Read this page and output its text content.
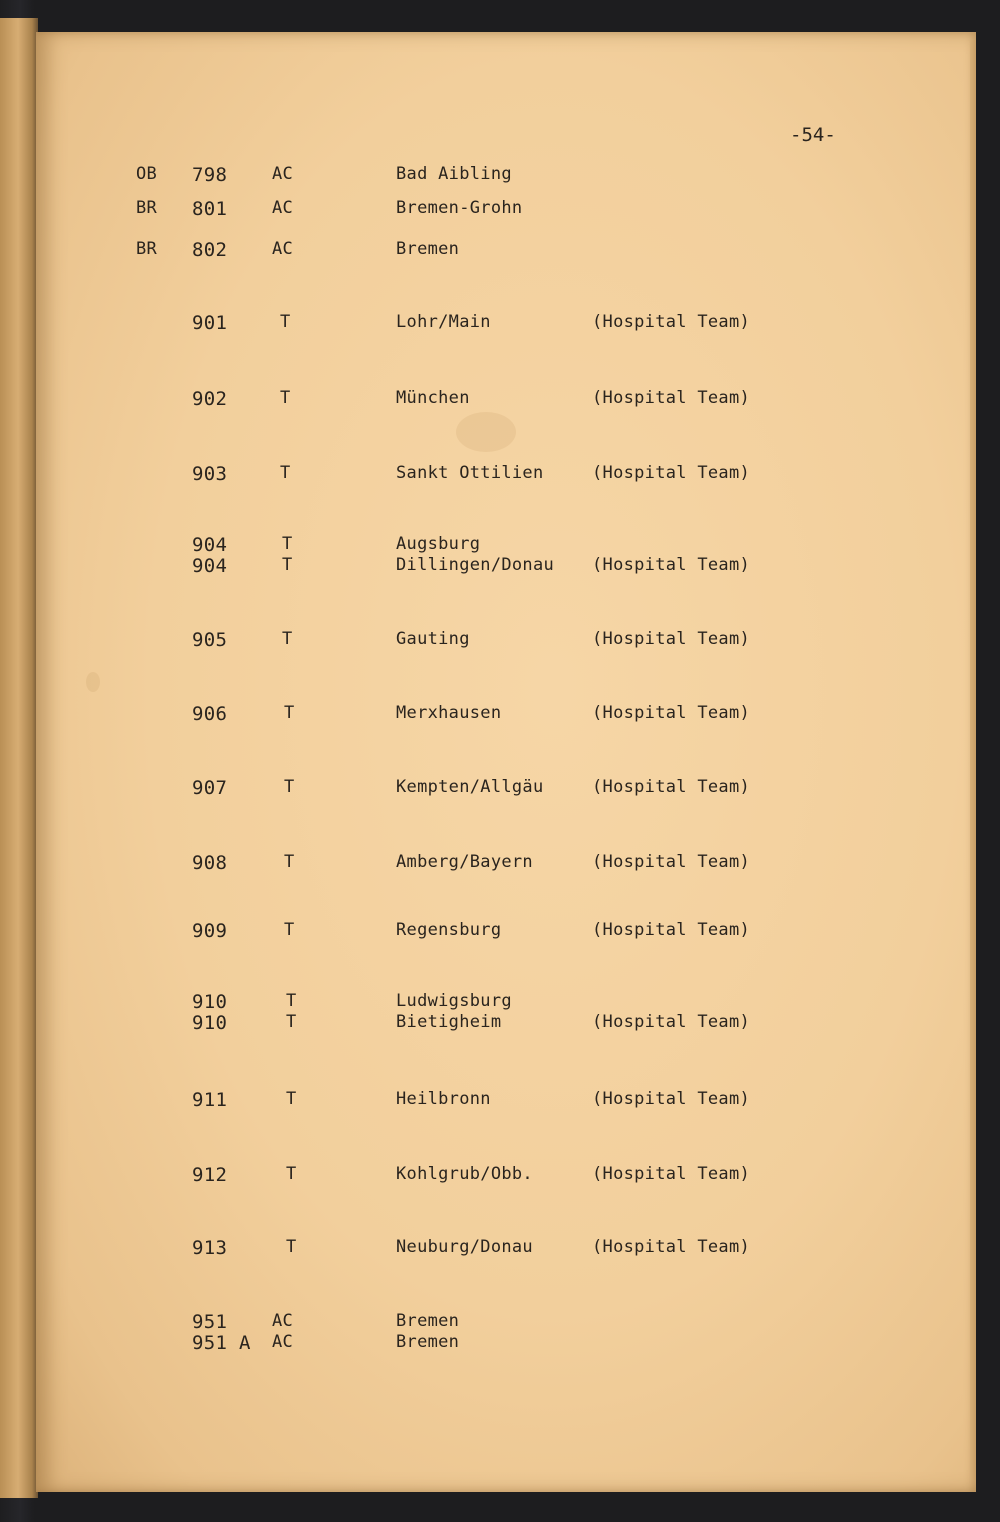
-54-
OB 798	AC	Bad Aibling
BR 801	AC	Bremen-Grohn
BR 802	AC	Bremen
901	T	Lohr/Main	(Hospital Team)
902	T	München	(Hospital Team)
903	T	Sankt Ottilien	(Hospital Team)
904	T	Augsburg
904	T	Dillingen/Donau (Hospital Team)
905	T	Gauting	(Hospital Team)
906	T	Merxhausen	(Hospital Team)
907	T	Kempten/Allgäu	(Hospital Team)
908	T	Amberg/Bayern	(Hospital Team)
909	T	Regensburg	(Hospital Team)
910	T	Ludwigsburg
910	T	Bietigheim	(Hospital Team)
911	T	Heilbronn	(Hospital Team)
912	T	Kohlgrub/Obb.	(Hospital Team)
913	T	Neuburg/Donau	(Hospital Team)
951	AC	Bremen
951 A AC	Bremen
